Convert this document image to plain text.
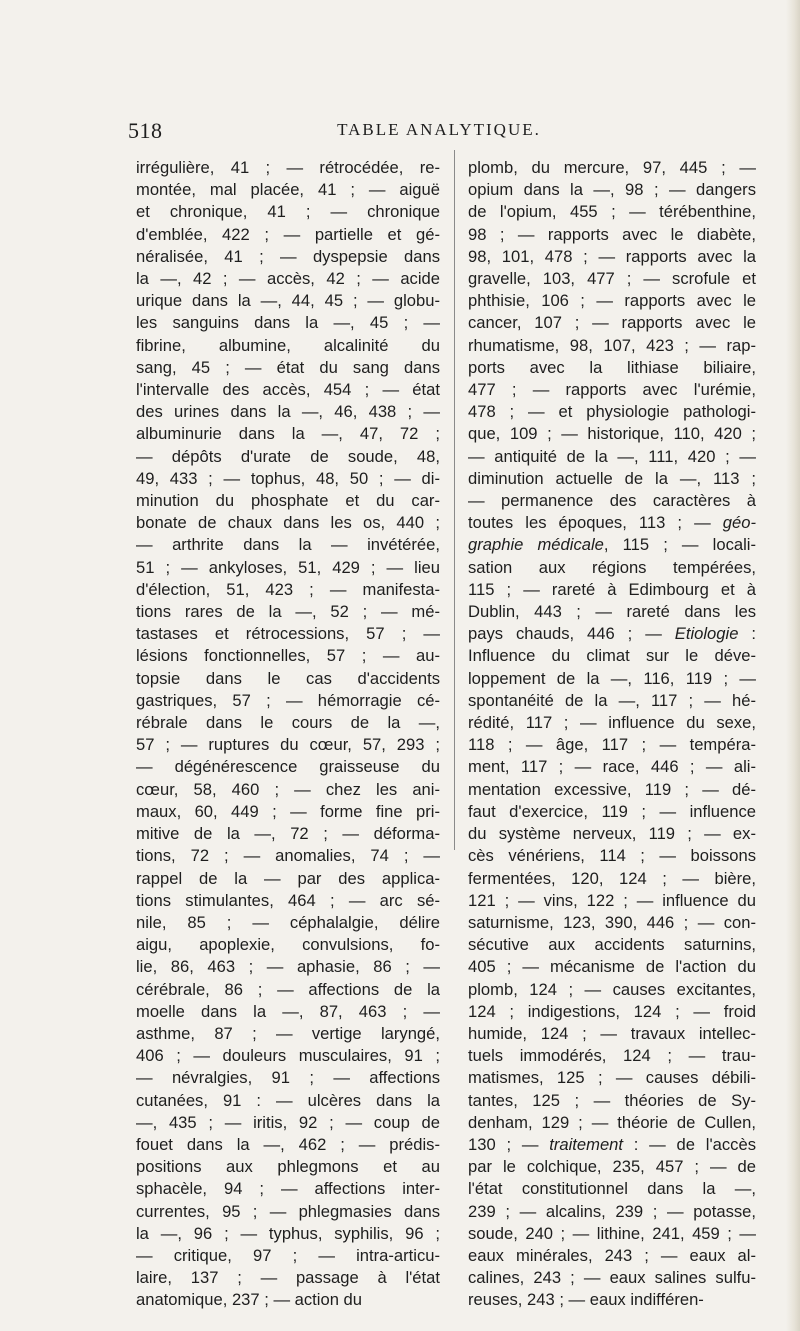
518	TABLE ANALYTIQUE.
irrégulière, 41 ; — rétrocédée, re-
montée, mal placée, 41 ; — aiguë
et chronique, 41 ; — chronique
d'emblée, 422 ; — partielle et gé-
néralisée, 41 ; — dyspepsie dans
la —, 42 ; — accès, 42 ; — acide
urique dans la —, 44, 45 ; — globu-
les sanguins dans la —, 45 ; —
fibrine, albumine, alcalinité du
sang, 45 ; — état du sang dans
l'intervalle des accès, 454 ; — état
des urines dans la —, 46, 438 ; —
albuminurie dans la —, 47, 72 ;
— dépôts d'urate de soude, 48,
49, 433 ; — tophus, 48, 50 ; — di-
minution du phosphate et du car-
bonate de chaux dans les os, 440 ;
— arthrite dans la — invétérée,
51 ; — ankyloses, 51, 429 ; — lieu
d'élection, 51, 423 ; — manifesta-
tions rares de la —, 52 ; — mé-
tastases et rétrocessions, 57 ; —
lésions fonctionnelles, 57 ; — au-
topsie dans le cas d'accidents
gastriques, 57 ; — hémorragie cé-
rébrale dans le cours de la —,
57 ; — ruptures du cœur, 57, 293 ;
— dégénérescence graisseuse du
cœur, 58, 460 ; — chez les ani-
maux, 60, 449 ; — forme fine pri-
mitive de la —, 72 ; — déforma-
tions, 72 ; — anomalies, 74 ; —
rappel de la — par des applica-
tions stimulantes, 464 ; — arc sé-
nile, 85 ; — céphalalgie, délire
aigu, apoplexie, convulsions, fo-
lie, 86, 463 ; — aphasie, 86 ; —
cérébrale, 86 ; — affections de la
moelle dans la —, 87, 463 ; —
asthme, 87 ; — vertige laryngé,
406 ; — douleurs musculaires, 91 ;
— névralgies, 91 ; — affections
cutanées, 91 : — ulcères dans la
—, 435 ; — iritis, 92 ; — coup de
fouet dans la —, 462 ; — prédis-
positions aux phlegmons et au
sphacèle, 94 ; — affections inter-
currentes, 95 ; — phlegmasies dans
la —, 96 ; — typhus, syphilis, 96 ;
— critique, 97 ; — intra-articu-
laire, 137 ; — passage à l'état
anatomique, 237 ; — action du
plomb, du mercure, 97, 445 ; —
opium dans la —, 98 ; — dangers
de l'opium, 455 ; — térébenthine,
98 ; — rapports avec le diabète,
98, 101, 478 ; — rapports avec la
gravelle, 103, 477 ; — scrofule et
phthisie, 106 ; — rapports avec le
cancer, 107 ; — rapports avec le
rhumatisme, 98, 107, 423 ; — rap-
ports avec la lithiase biliaire,
477 ; — rapports avec l'urémie,
478 ; — et physiologie pathologi-
que, 109 ; — historique, 110, 420 ;
— antiquité de la —, 111, 420 ; —
diminution actuelle de la —, 113 ;
— permanence des caractères à
toutes les époques, 113 ; — géo-
graphie médicale, 115 ; — locali-
sation aux régions tempérées,
115 ; — rareté à Edimbourg et à
Dublin, 443 ; — rareté dans les
pays chauds, 446 ; — Etiologie :
Influence du climat sur le déve-
loppement de la —, 116, 119 ; —
spontanéité de la —, 117 ; — hé-
rédité, 117 ; — influence du sexe,
118 ; — âge, 117 ; — tempéra-
ment, 117 ; — race, 446 ; — ali-
mentation excessive, 119 ; — dé-
faut d'exercice, 119 ; — influence
du système nerveux, 119 ; — ex-
cès vénériens, 114 ; — boissons
fermentées, 120, 124 ; — bière,
121 ; — vins, 122 ; — influence du
saturnisme, 123, 390, 446 ; — con-
sécutive aux accidents saturnins,
405 ; — mécanisme de l'action du
plomb, 124 ; — causes excitantes,
124 ; indigestions, 124 ; — froid
humide, 124 ; — travaux intellec-
tuels immodérés, 124 ; — trau-
matismes, 125 ; — causes débili-
tantes, 125 ; — théories de Sy-
denham, 129 ; — théorie de Cullen,
130 ; — traitement : — de l'accès
par le colchique, 235, 457 ; — de
l'état constitutionnel dans la —,
239 ; — alcalins, 239 ; — potasse,
soude, 240 ; — lithine, 241, 459 ; —
eaux minérales, 243 ; — eaux al-
calines, 243 ; — eaux salines sulfu-
reuses, 243 ; — eaux indifféren-
